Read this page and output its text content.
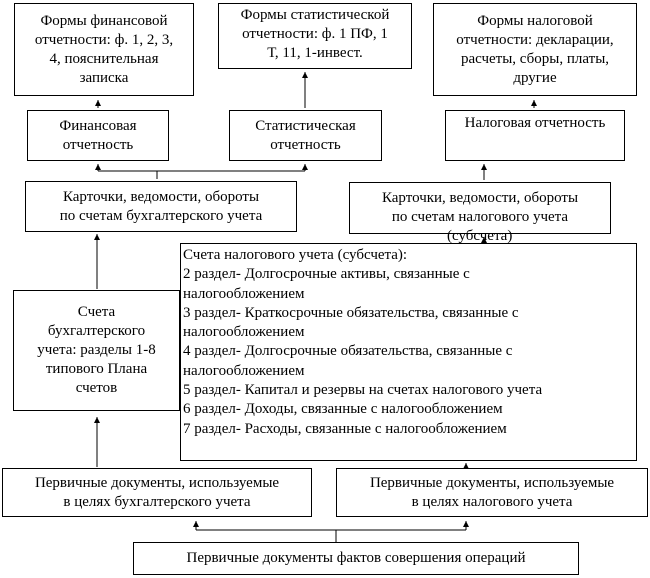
Формы финансовой
отчетности: ф. 1, 2, 3,
4, пояснительная
записка
Формы статистической
отчетности: ф. 1 ПФ, 1
Т, 11, 1-инвест.
Формы налоговой
отчетности: декларации,
расчеты, сборы, платы,
другие
Финансовая
отчетность
Статистическая
отчетность
Налоговая отчетность
Карточки, ведомости, обороты
по счетам бухгалтерского учета
Карточки, ведомости, обороты
по счетам налогового учета
Счета налогового учета (субсчета):
2 раздел- Долгосрочные активы, связанные с
налогообложением
3 раздел- Краткосрочные обязательства, связанные с
налогообложением
4 раздел- Долгосрочные обязательства, связанные с
налогообложением
5 раздел- Капитал и резервы на счетах налогового учета
6 раздел- Доходы, связанные с налогообложением
7 раздел- Расходы, связанные с налогообложением
(субсчета)
Счета
бухгалтерского
учета: разделы 1-8
типового Плана
счетов
Первичные документы, используемые
в целях бухгалтерского учета
Первичные документы, используемые
в целях налогового учета
Первичные документы фактов совершения операций
